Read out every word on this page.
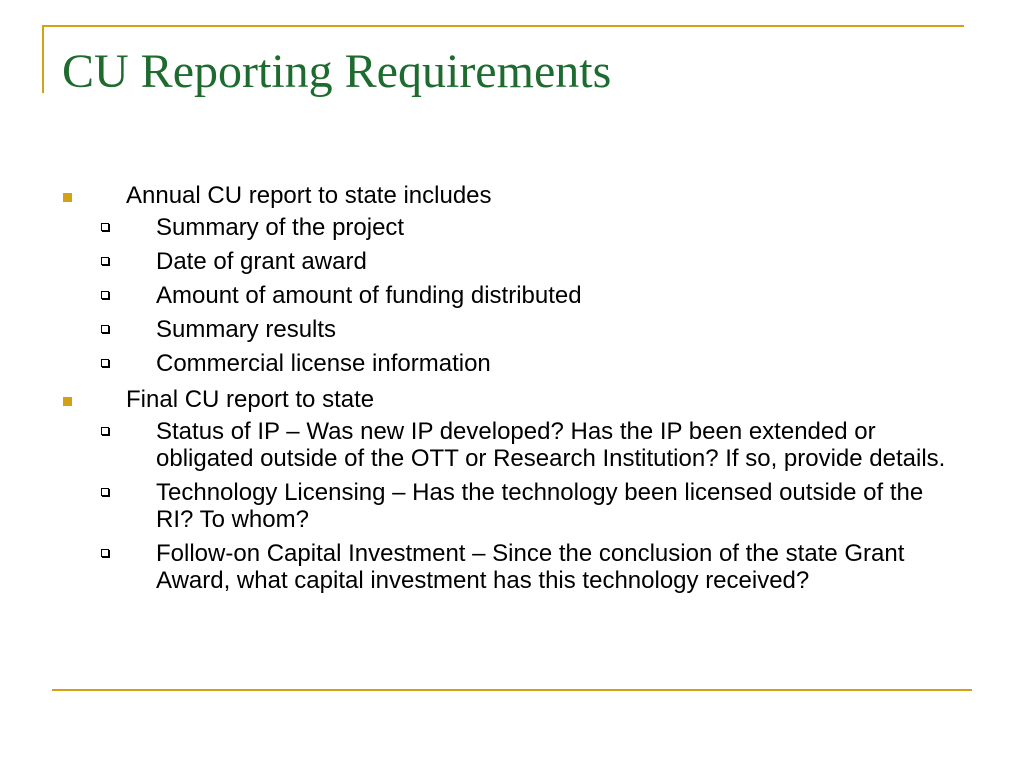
CU Reporting Requirements
Annual CU report to state includes
Summary of the project
Date of grant award
Amount of amount of funding distributed
Summary results
Commercial license information
Final CU report to state
Status of IP – Was new IP developed? Has the IP been extended or obligated outside of the OTT or Research Institution? If so, provide details.
Technology Licensing – Has the technology been licensed outside of the RI? To whom?
Follow-on Capital Investment – Since the conclusion of the state Grant Award, what capital investment has this technology received?
